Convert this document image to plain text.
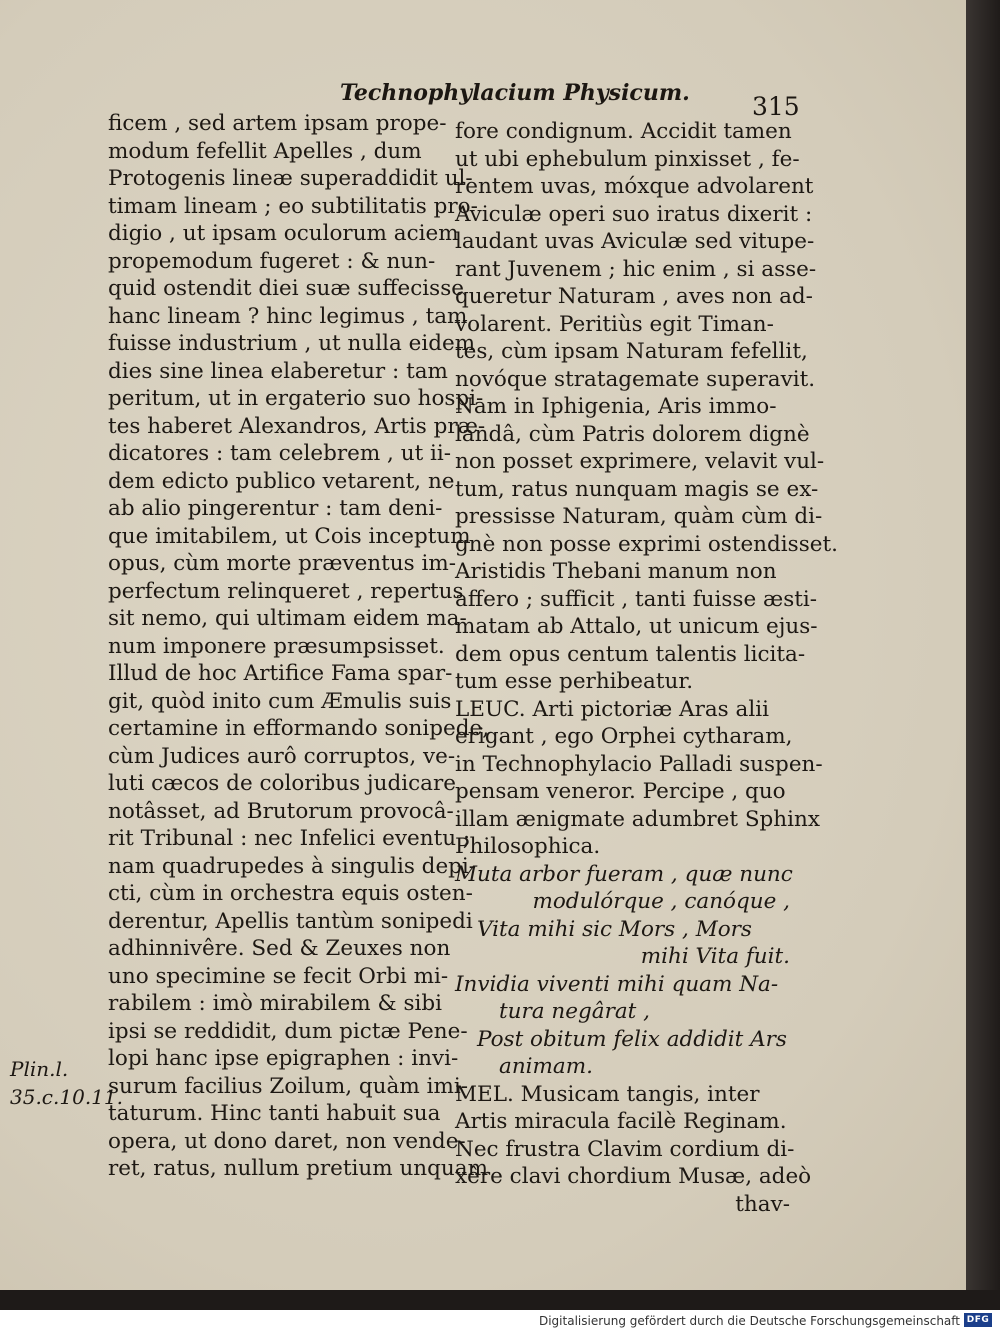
Technophylacium Physicum. 315
Plin.l.
35.c.10.11.
ficem , sed artem ipsam prope-
modum fefellit Apelles , dum
Protogenis lineæ superaddidit ul-
timam lineam ; eo subtilitatis pro-
digio , ut ipsam oculorum aciem
propemodum fugeret : & nun-
quid ostendit diei suæ suffecisse
hanc lineam ? hinc legimus , tam
fuisse industrium , ut nulla eidem
dies sine linea elaberetur : tam
peritum, ut in ergaterio suo hospi-
tes haberet Alexandros, Artis præ-
dicatores : tam celebrem , ut ii-
dem edicto publico vetarent, ne
ab alio pingerentur : tam deni-
que imitabilem, ut Cois inceptum
opus, cùm morte præventus im-
perfectum relinqueret , repertus
sit nemo, qui ultimam eidem ma-
num imponere præsumpsisset.
Illud de hoc Artifice Fama spar-
git, quòd inito cum Æmulis suis
certamine in efformando sonipede,
cùm Judices aurô corruptos, ve-
luti cæcos de coloribus judicare
notâsset, ad Brutorum provocâ-
rit Tribunal : nec Infelici eventu ;
nam quadrupedes à singulis depi-
cti, cùm in orchestra equis osten-
derentur, Apellis tantùm sonipedi
adhinnivêre. Sed & Zeuxes non
uno specimine se fecit Orbi mi-
rabilem : imò mirabilem & sibi
ipsi se reddidit, dum pictæ Pene-
lopi hanc ipse epigraphen : invi-
surum facilius Zoilum, quàm imi-
taturum. Hinc tanti habuit sua
opera, ut dono daret, non vende-
ret, ratus, nullum pretium unquam
fore condignum. Accidit tamen
ut ubi ephebulum pinxisset , fe-
rentem uvas, móxque advolarent
Aviculæ operi suo iratus dixerit :
laudant uvas Aviculæ sed vitupe-
rant Juvenem ; hic enim , si asse-
queretur Naturam , aves non ad-
volarent. Peritiùs egit Timan-
tes, cùm ipsam Naturam fefellit,
novóque stratagemate superavit.
Nam in Iphigenia, Aris immo-
landâ, cùm Patris dolorem dignè
non posset exprimere, velavit vul-
tum, ratus nunquam magis se ex-
pressisse Naturam, quàm cùm di-
gnè non posse exprimi ostendisset.
Aristidis Thebani manum non
affero ; sufficit , tanti fuisse æsti-
matam ab Attalo, ut unicum ejus-
dem opus centum talentis licita-
tum esse perhibeatur.
LEUC. Arti pictoriæ Aras alii
erigant , ego Orphei cytharam,
in Technophylacio Palladi suspen-
pensam veneror. Percipe , quo
illam ænigmate adumbret Sphinx
Philosophica.
Muta arbor fueram , quæ nunc
modulórque , canóque ,
Vita mihi sic Mors , Mors
mihi Vita fuit.
Invidia viventi mihi quam Na-
tura negârat ,
Post obitum felix addidit Ars
animam.
MEL. Musicam tangis, inter
Artis miracula facilè Reginam.
Nec frustra Clavim cordium di-
xêre clavi chordium Musæ, adeò
thav-
Digitalisierung gefördert durch die Deutsche Forschungsgemeinschaft DFG
